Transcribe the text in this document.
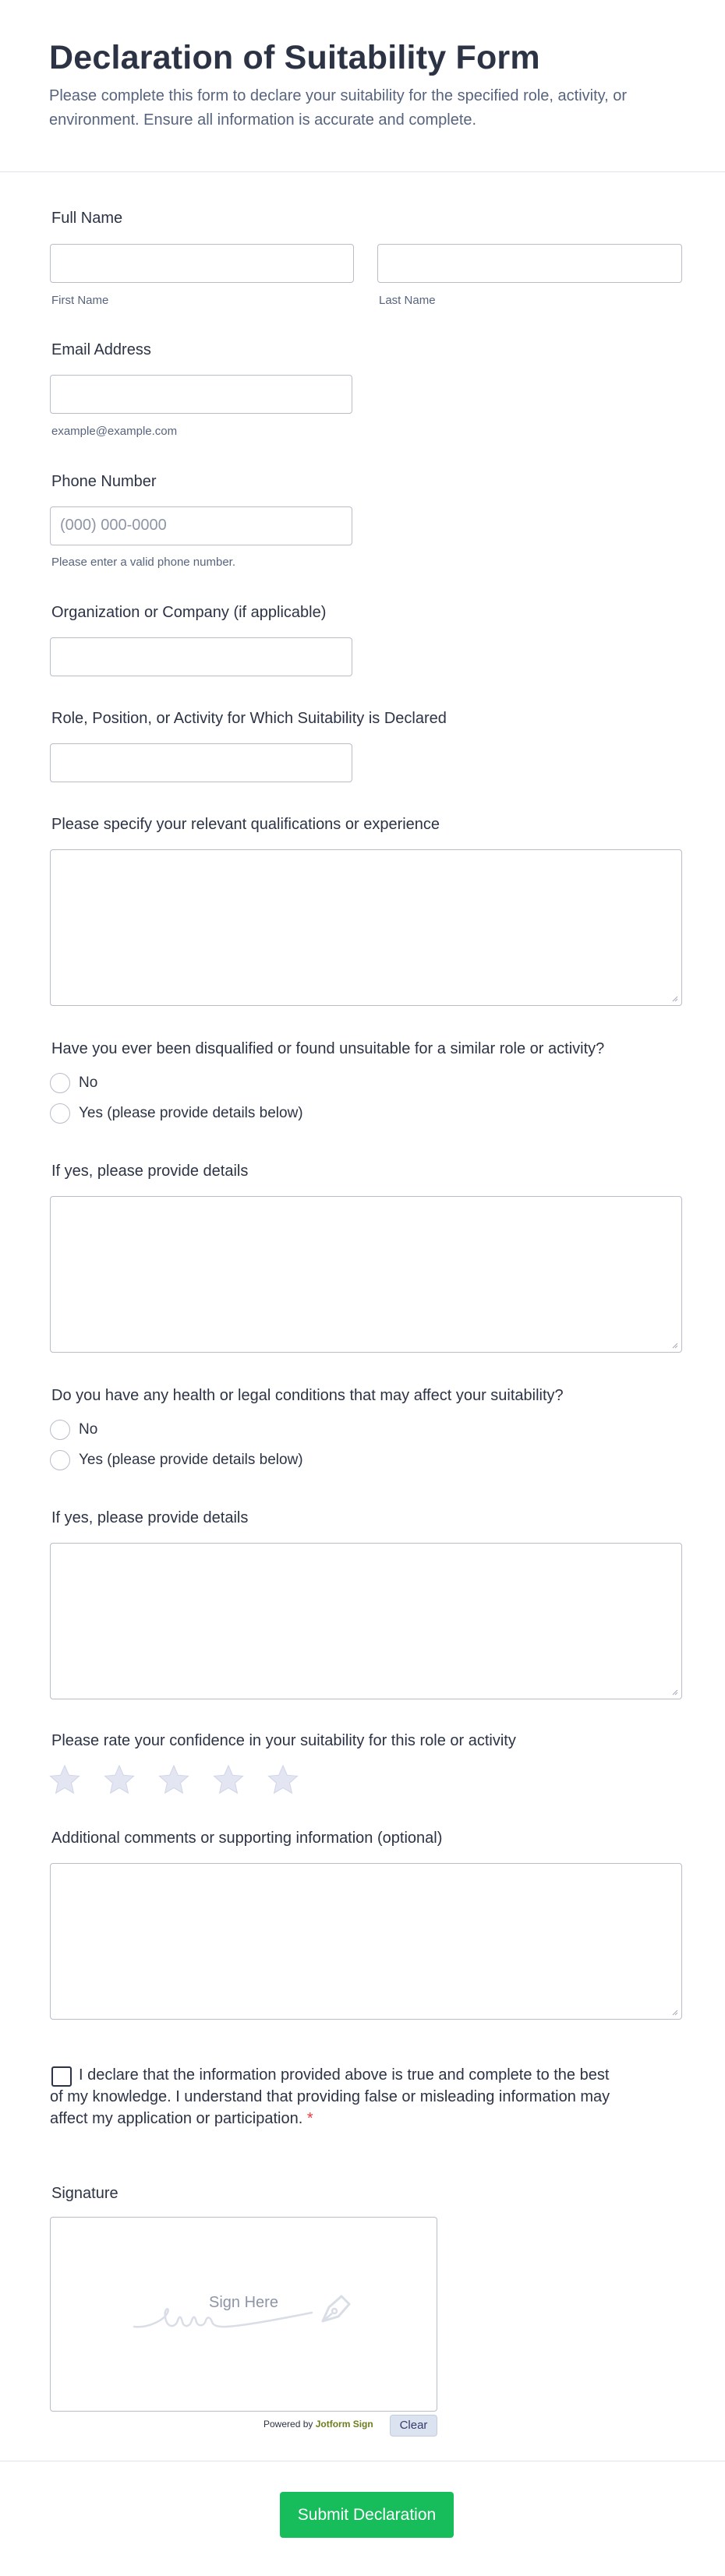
Declaration of Suitability Form
Please complete this form to declare your suitability for the specified role, activity, or environment. Ensure all information is accurate and complete.
Full Name
First Name	Last Name
Email Address
example@example.com
Phone Number
(000) 000-0000
Please enter a valid phone number.
Organization or Company (if applicable)
Role, Position, or Activity for Which Suitability is Declared
Please specify your relevant qualifications or experience
Have you ever been disqualified or found unsuitable for a similar role or activity?
No
Yes (please provide details below)
If yes, please provide details
Do you have any health or legal conditions that may affect your suitability?
No
Yes (please provide details below)
If yes, please provide details
Please rate your confidence in your suitability for this role or activity
Additional comments or supporting information (optional)
I declare that the information provided above is true and complete to the best of my knowledge. I understand that providing false or misleading information may affect my application or participation. *
Signature
Sign Here
Powered by Jotform Sign	Clear
Submit Declaration
